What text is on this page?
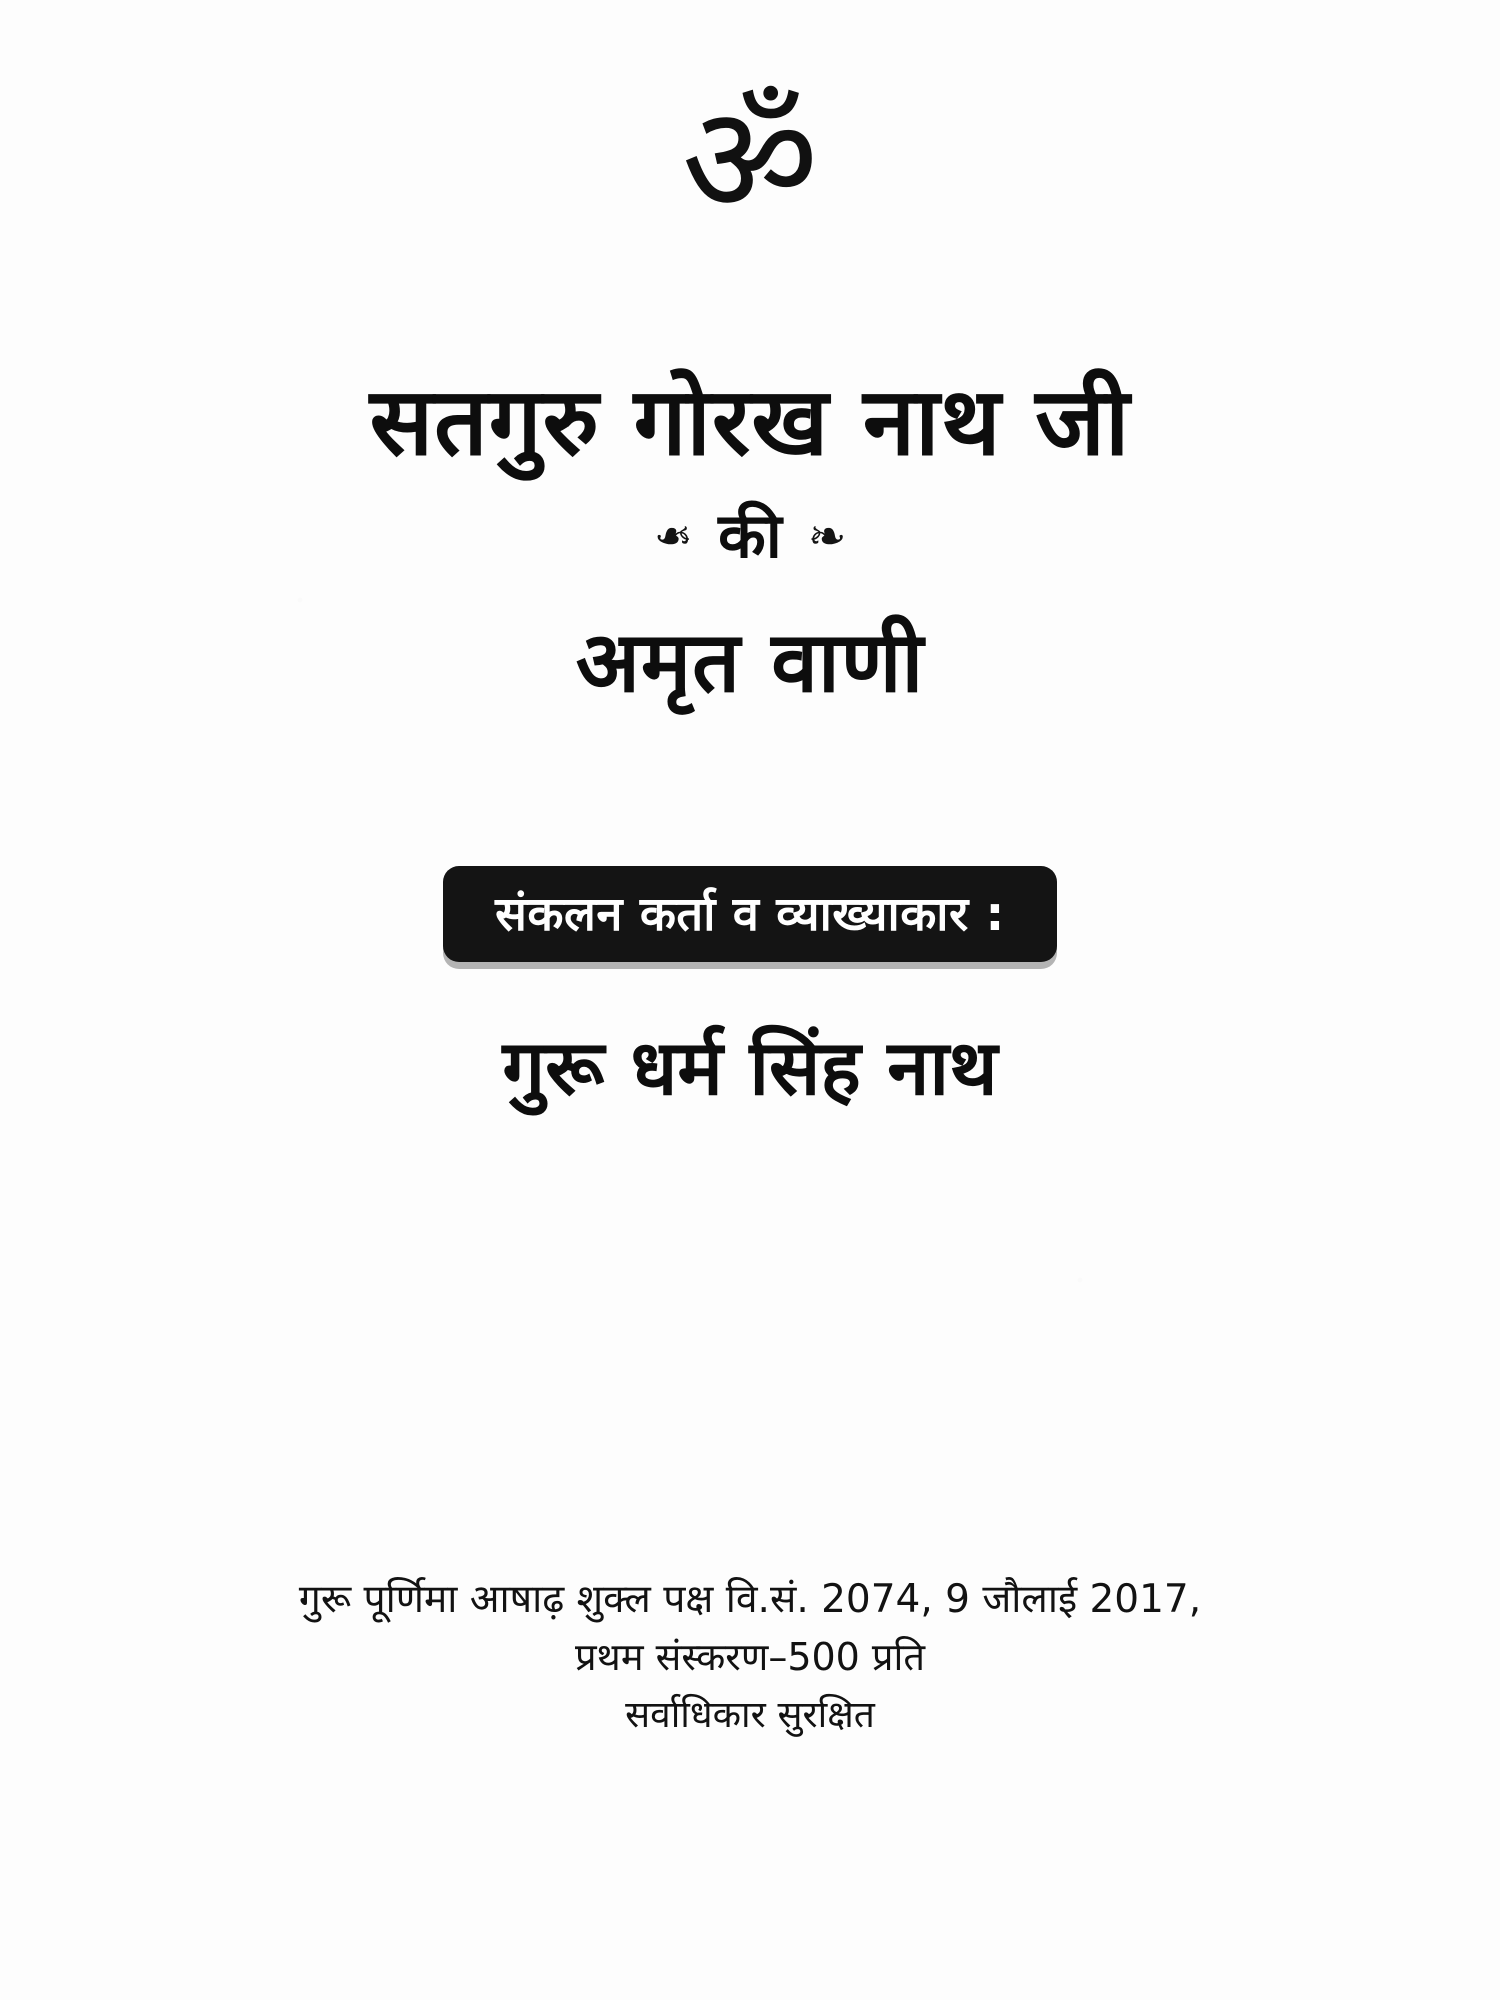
ॐ
सतगुरु गोरख नाथ जी
❧ की ❧
अमृत वाणी
संकलन कर्ता व व्याख्याकार :
गुरू धर्म सिंह नाथ
गुरू पूर्णिमा आषाढ़ शुक्ल पक्ष वि.सं. 2074, 9 जौलाई 2017,
प्रथम संस्करण–500 प्रति
सर्वाधिकार सुरक्षित
